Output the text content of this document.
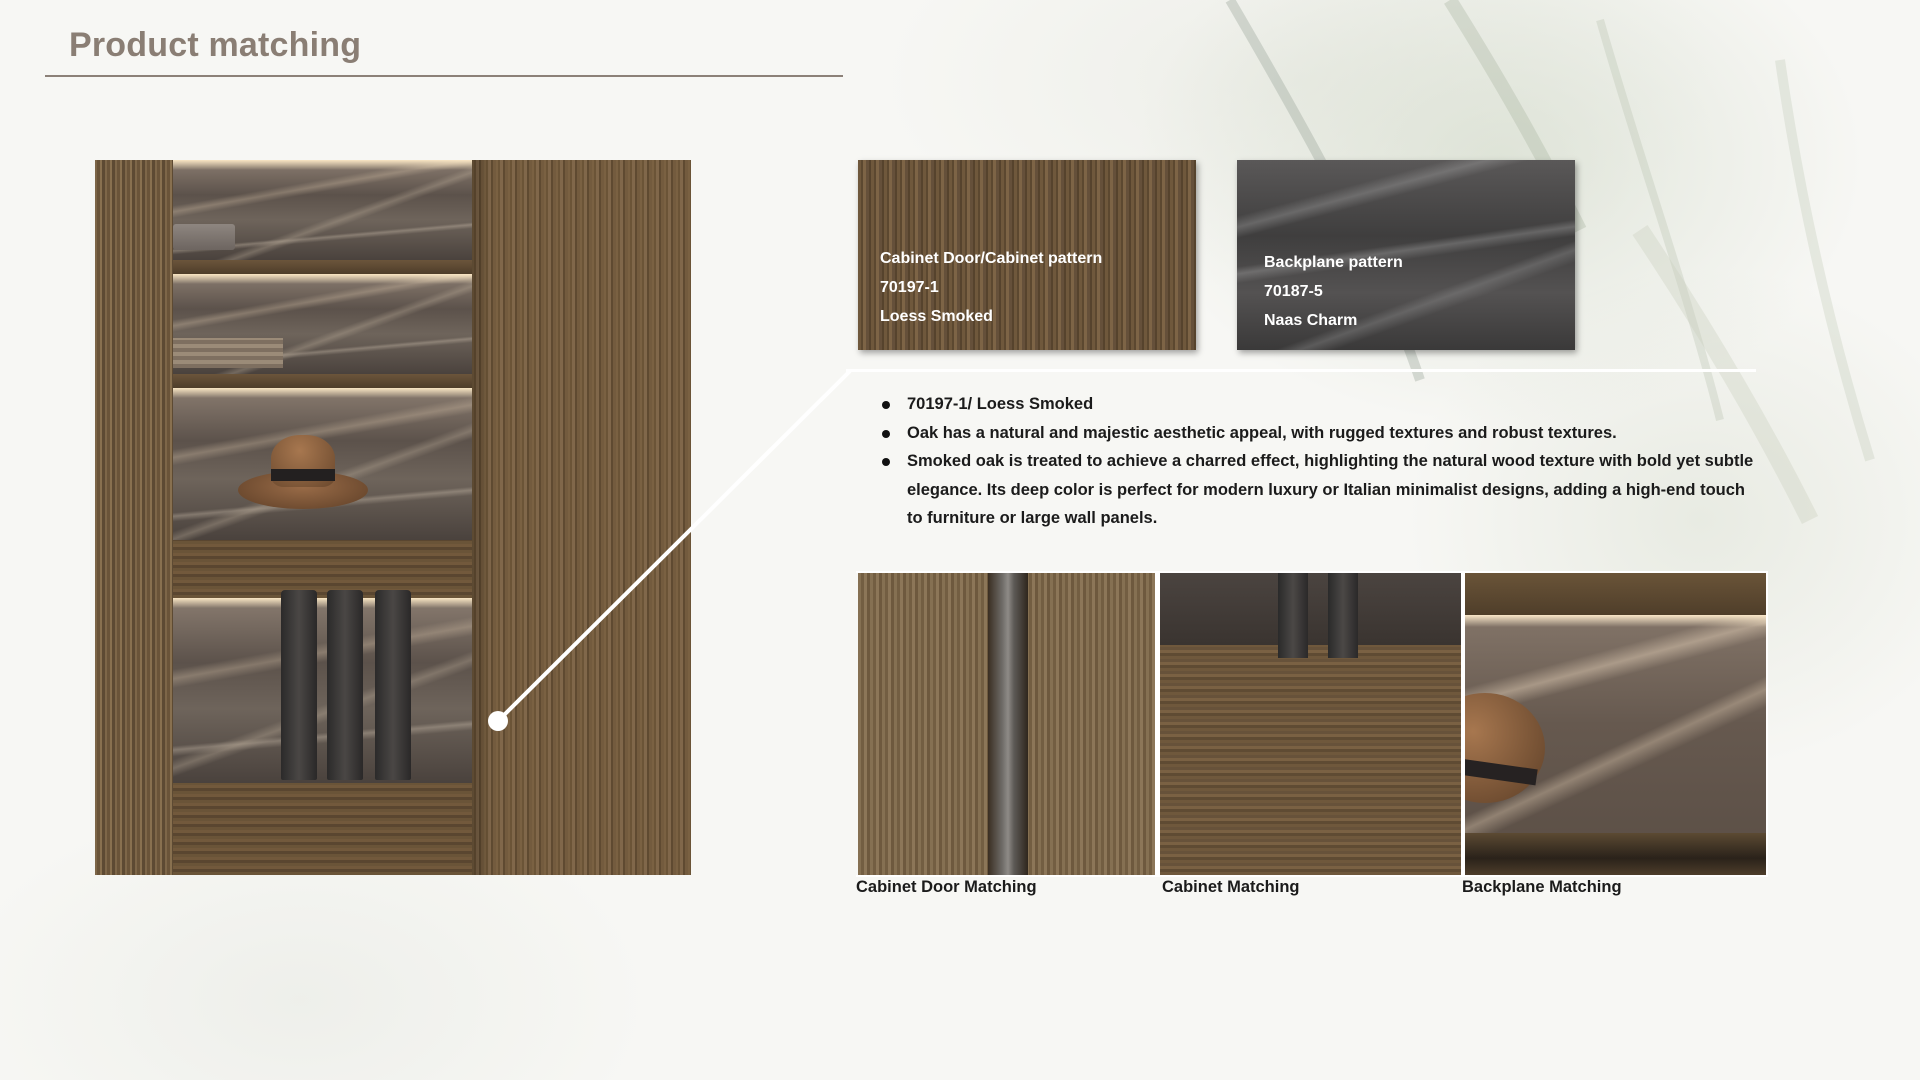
Product matching
Cabinet Door/Cabinet pattern
70197-1
Loess Smoked
Backplane pattern
70187-5
Naas Charm
70197-1/ Loess Smoked
Oak has a natural and majestic aesthetic appeal, with rugged textures and robust textures.
Smoked oak is treated to achieve a charred effect, highlighting the natural wood texture with bold yet subtle elegance. Its deep color is perfect for modern luxury or Italian minimalist designs, adding a high-end touch to furniture or large wall panels.
Cabinet Door Matching	Cabinet Matching	Backplane Matching
